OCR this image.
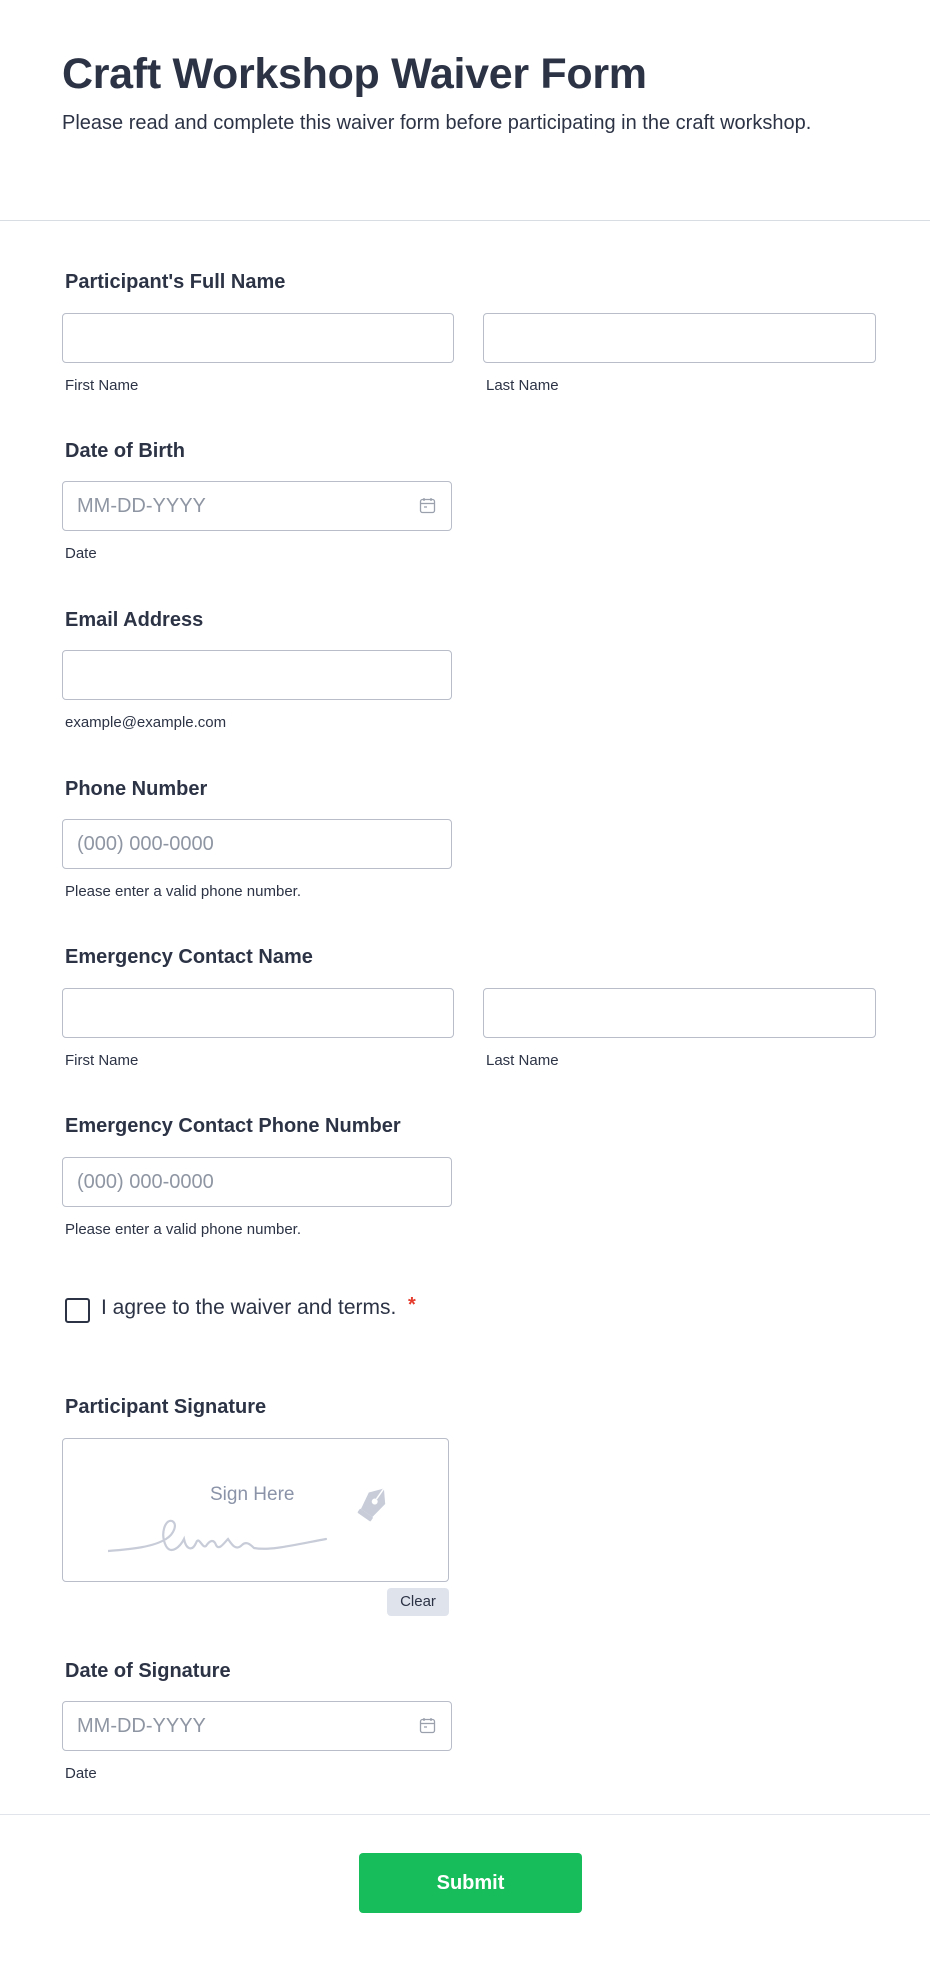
Craft Workshop Waiver Form

Please read and complete this waiver form before participating in the craft workshop.

Participant's Full Name
First Name	Last Name
Date of Birth
MM-DD-YYYY
Date
Email Address
example@example.com
Phone Number
(000) 000-0000
Please enter a valid phone number.
Emergency Contact Name
First Name	Last Name
Emergency Contact Phone Number
(000) 000-0000
Please enter a valid phone number.
I agree to the waiver and terms. *
Participant Signature
Sign Here
Clear
Date of Signature
MM-DD-YYYY
Date
Submit
